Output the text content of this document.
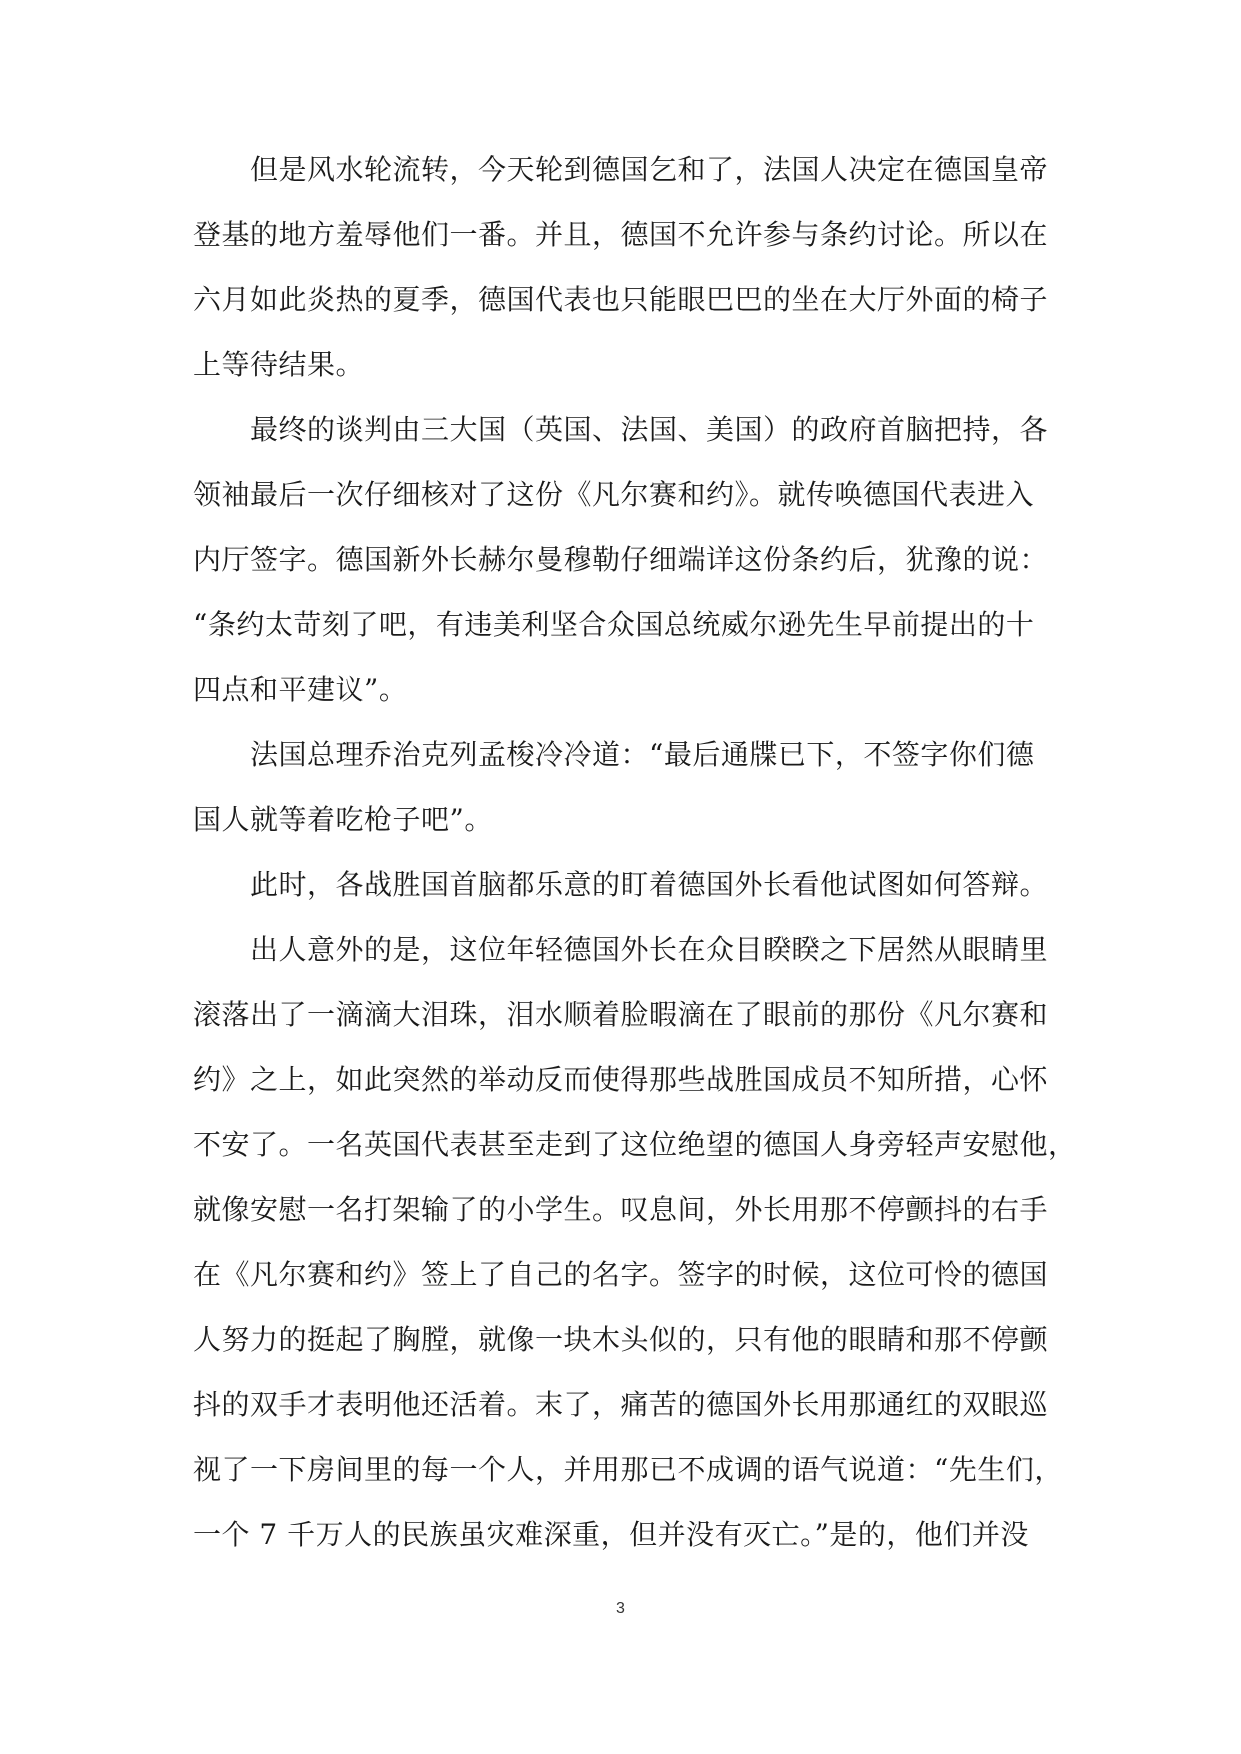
　　但是风水轮流转，今天轮到德国乞和了，法国人决定在德国皇帝
登基的地方羞辱他们一番。并且，德国不允许参与条约讨论。所以在
六月如此炎热的夏季，德国代表也只能眼巴巴的坐在大厅外面的椅子
上等待结果。
　　最终的谈判由三大国（英国、法国、美国）的政府首脑把持，各
领袖最后一次仔细核对了这份《凡尔赛和约》。就传唤德国代表进入
内厅签字。德国新外长赫尔曼穆勒仔细端详这份条约后，犹豫的说：
“条约太苛刻了吧，有违美利坚合众国总统威尔逊先生早前提出的十
四点和平建议”。
　　法国总理乔治克列孟梭冷冷道：“最后通牒已下，不签字你们德
国人就等着吃枪子吧”。
　　此时，各战胜国首脑都乐意的盯着德国外长看他试图如何答辩。
　　出人意外的是，这位年轻德国外长在众目睽睽之下居然从眼睛里
滚落出了一滴滴大泪珠，泪水顺着脸暇滴在了眼前的那份《凡尔赛和
约》之上，如此突然的举动反而使得那些战胜国成员不知所措，心怀
不安了。一名英国代表甚至走到了这位绝望的德国人身旁轻声安慰他，
就像安慰一名打架输了的小学生。叹息间，外长用那不停颤抖的右手
在《凡尔赛和约》签上了自己的名字。签字的时候，这位可怜的德国
人努力的挺起了胸膛，就像一块木头似的，只有他的眼睛和那不停颤
抖的双手才表明他还活着。末了，痛苦的德国外长用那通红的双眼巡
视了一下房间里的每一个人，并用那已不成调的语气说道：“先生们，
一个 7 千万人的民族虽灾难深重，但并没有灭亡。”是的，他们并没
3
